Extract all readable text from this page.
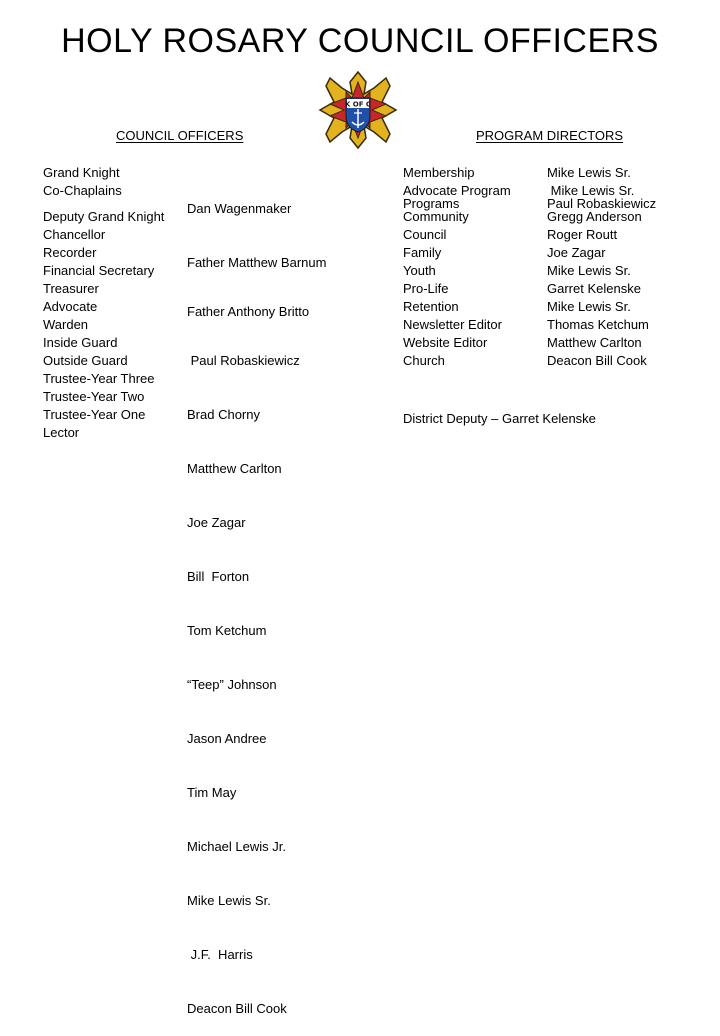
HOLY ROSARY COUNCIL OFFICERS
K OF C
COUNCIL OFFICERS	PROGRAM DIRECTORS
Grand Knight
Co-Chaplains
Deputy Grand Knight
Chancellor
Recorder
Financial Secretary
Treasurer
Advocate
Warden
Inside Guard
Outside Guard
Trustee-Year Three
Trustee-Year Two
Trustee-Year One
Lector

Dan Wagenmaker

Father Matthew Barnum

Father Anthony Britto

Paul Robaskiewicz

Brad Chorny

Matthew Carlton

Joe Zagar

Bill  Forton

Tom Ketchum

“Teep” Johnson

Jason Andree

Tim May

Michael Lewis Jr.

Mike Lewis Sr.

J.F.  Harris

Deacon Bill Cook

Membership
Advocate Program
Programs
Community
Council
Family
Youth
Pro-Life
Retention
Newsletter Editor
Website Editor
Church
Mike Lewis Sr.
Mike Lewis Sr.
Paul Robaskiewicz
Gregg Anderson
Roger Routt
Joe Zagar
Mike Lewis Sr.
Garret Kelenske
Mike Lewis Sr.
Thomas Ketchum
Matthew Carlton
Deacon Bill Cook
District Deputy – Garret Kelenske
